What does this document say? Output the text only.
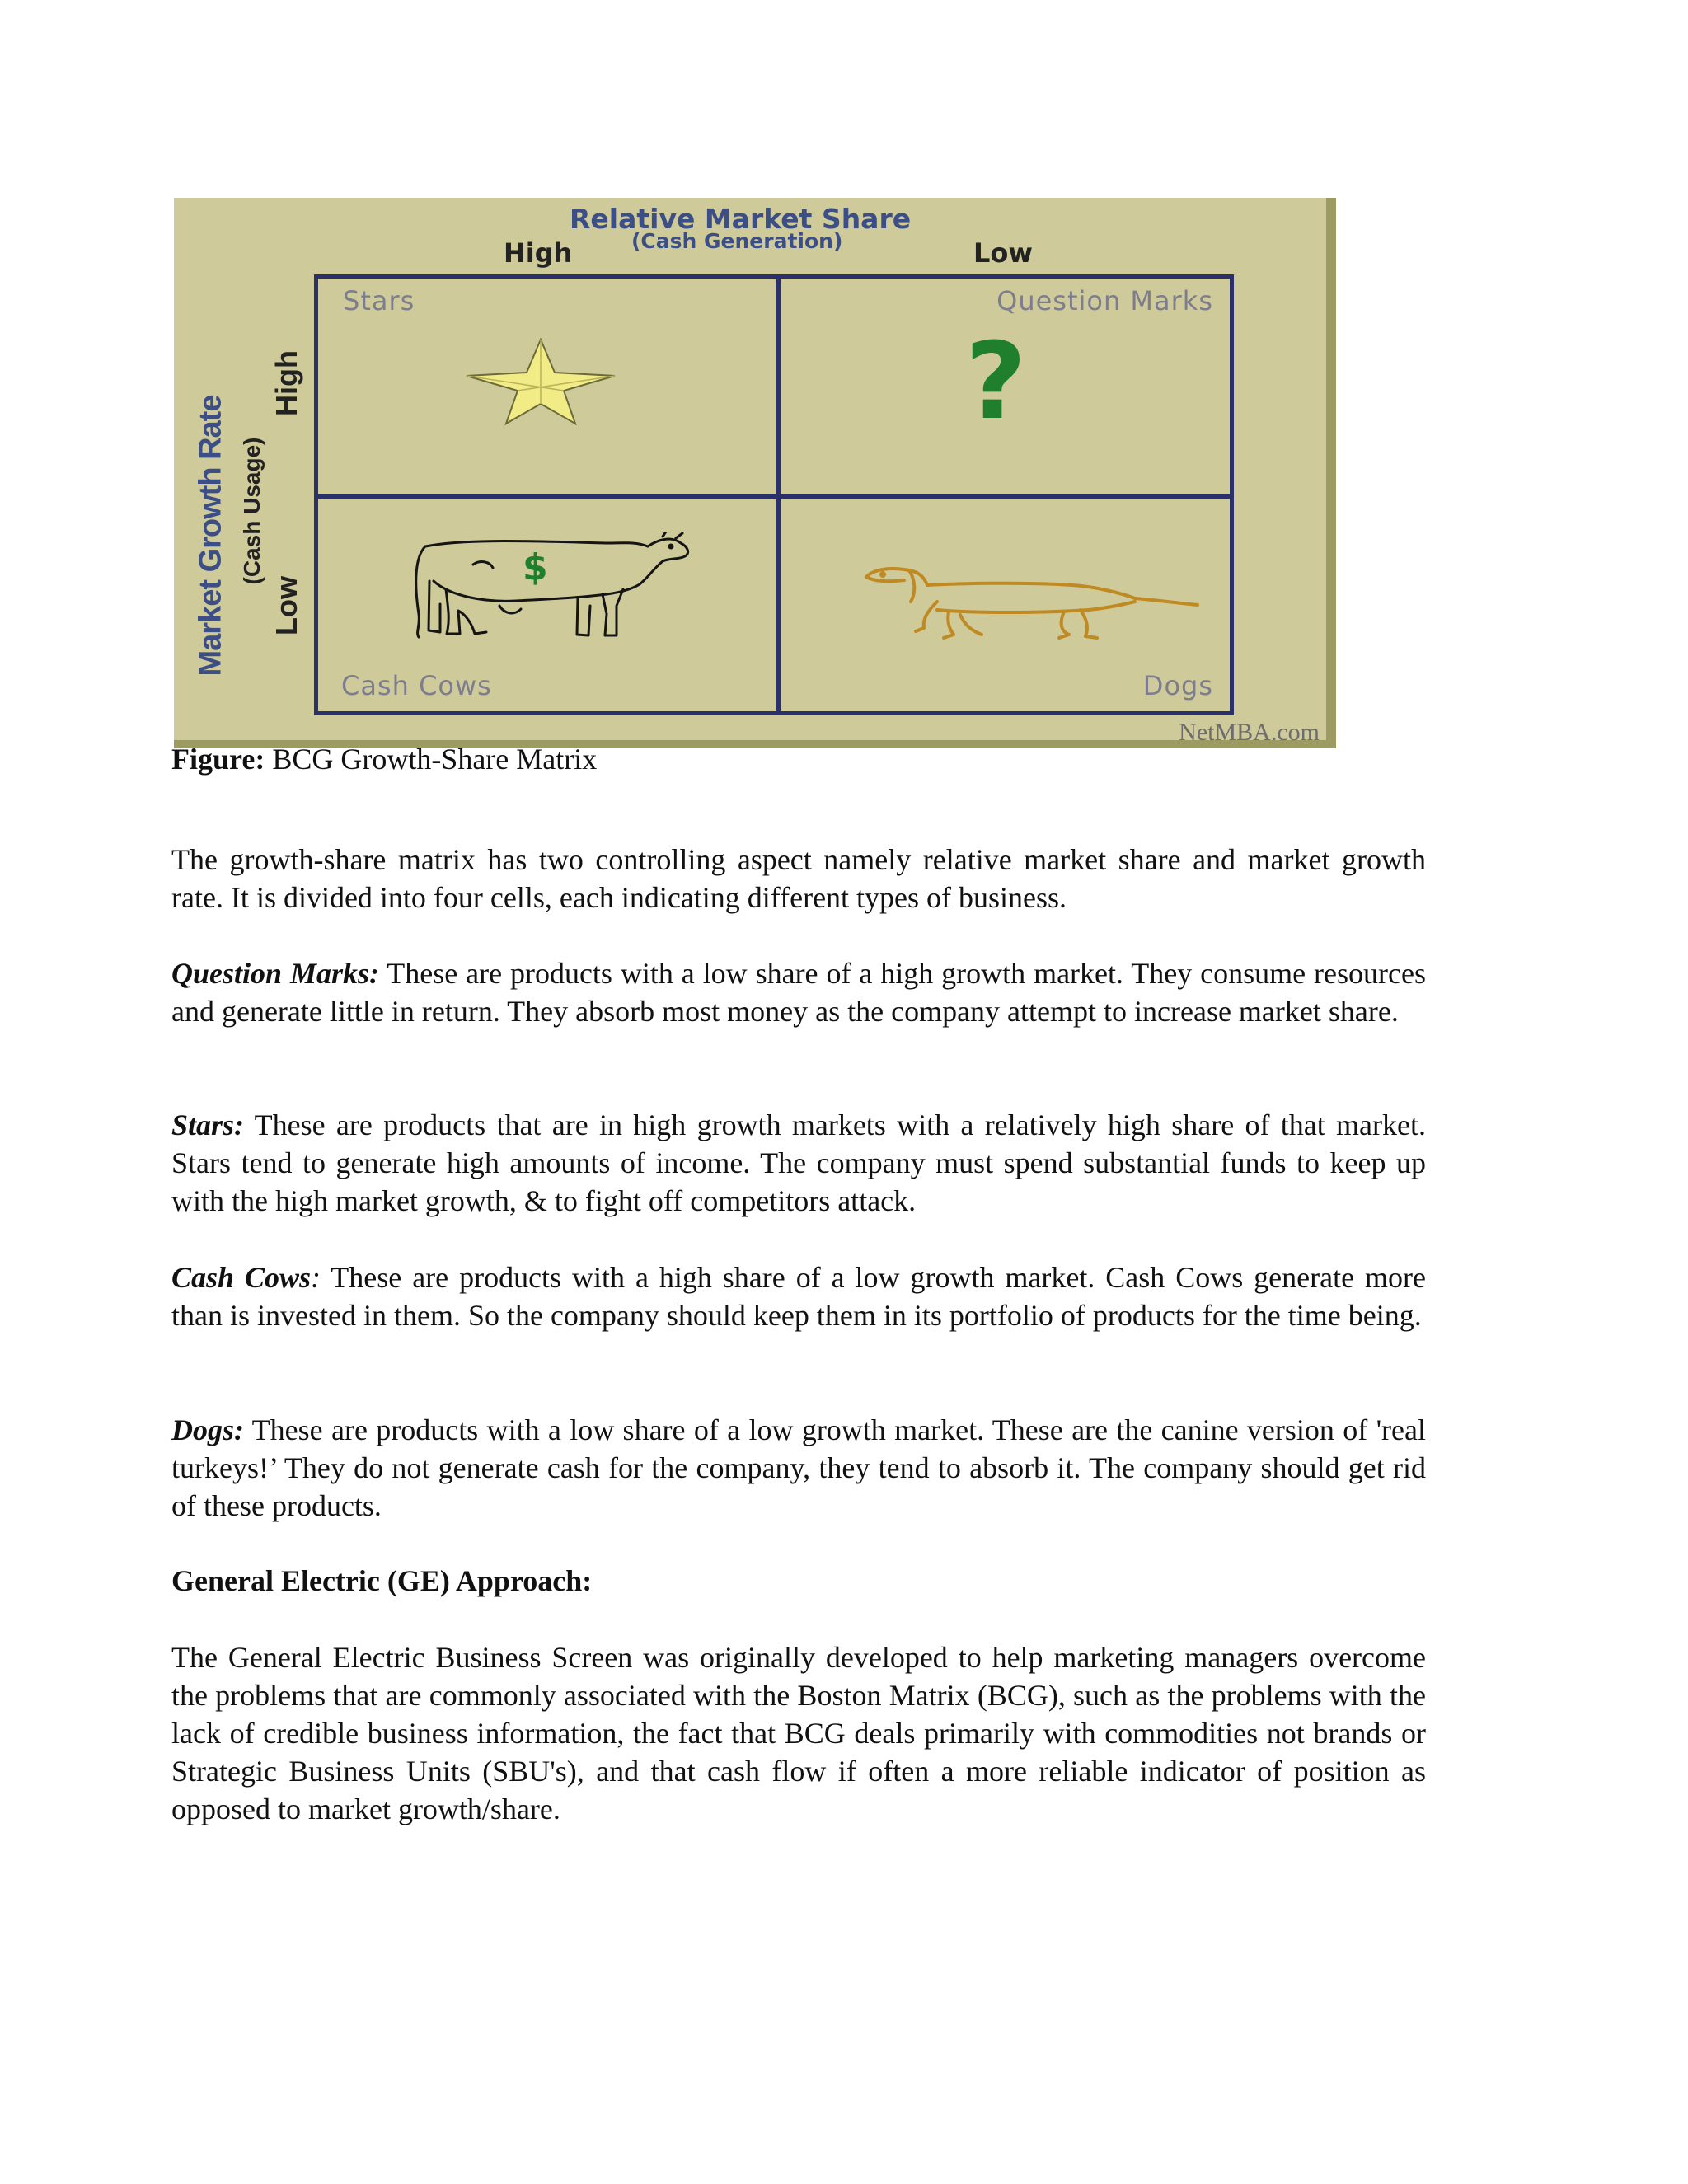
Relative Market Share
(Cash Generation)
High	Low
Market Growth Rate (Cash Usage)
High
Low
Stars	Question Marks
Cash Cows	Dogs
?
$
NetMBA.com
Figure: BCG Growth-Share Matrix

The growth-share matrix has two controlling aspect namely relative market share and market growth rate. It is divided into four cells, each indicating different types of business.

Question Marks: These are products with a low share of a high growth market. They consume resources and generate little in return. They absorb most money as the company attempt to increase market share.

Stars: These are products that are in high growth markets with a relatively high share of that market. Stars tend to generate high amounts of income. The company must spend substantial funds to keep up with the high market growth, & to fight off competitors attack.

Cash Cows: These are products with a high share of a low growth market. Cash Cows generate more than is invested in them. So the company should keep them in its portfolio of products for the time being.

Dogs: These are products with a low share of a low growth market. These are the canine version of 'real turkeys!’ They do not generate cash for the company, they tend to absorb it. The company should get rid of these products.

General Electric (GE) Approach:

The General Electric Business Screen was originally developed to help marketing managers overcome the problems that are commonly associated with the Boston Matrix (BCG), such as the problems with the lack of credible business information, the fact that BCG deals primarily with commodities not brands or Strategic Business Units (SBU's), and that cash flow if often a more reliable indicator of position as opposed to market growth/share.
